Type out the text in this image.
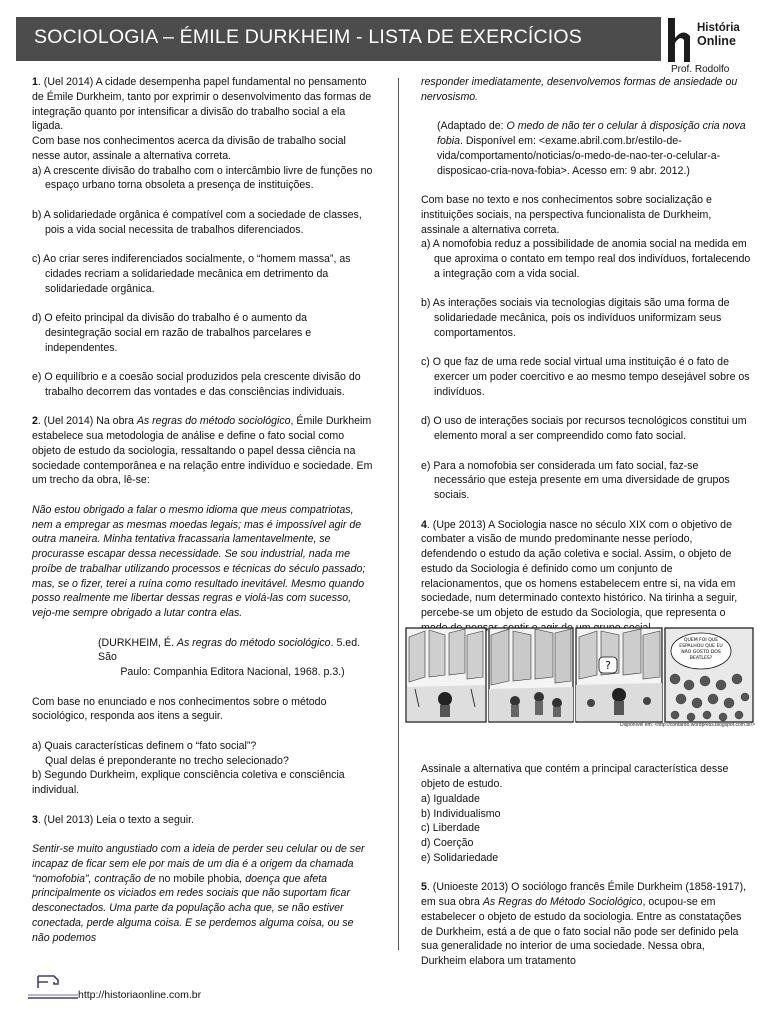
SOCIOLOGIA – ÉMILE DURKHEIM - LISTA DE EXERCÍCIOS	História
Online
Prof. Rodolfo

1. (Uel 2014) A cidade desempenha papel fundamental no pensamento de Émile Durkheim, tanto por exprimir o desenvolvimento das formas de integração quanto por intensificar a divisão do trabalho social a ela ligada.

Com base nos conhecimentos acerca da divisão de trabalho social nesse autor, assinale a alternativa correta.

a) A crescente divisão do trabalho com o intercâmbio livre de funções no espaço urbano torna obsoleta a presença de instituições.

b) A solidariedade orgânica é compatível com a sociedade de classes, pois a vida social necessita de trabalhos diferenciados.

c) Ao criar seres indiferenciados socialmente, o “homem massa”, as cidades recriam a solidariedade mecânica em detrimento da solidariedade orgânica.

d) O efeito principal da divisão do trabalho é o aumento da desintegração social em razão de trabalhos parcelares e independentes.

e) O equilíbrio e a coesão social produzidos pela crescente divisão do trabalho decorrem das vontades e das consciências individuais.

2. (Uel 2014) Na obra As regras do método sociológico, Émile Durkheim estabelece sua metodologia de análise e define o fato social como objeto de estudo da sociologia, ressaltando o papel dessa ciência na sociedade contemporânea e na relação entre indivíduo e sociedade. Em um trecho da obra, lê-se:

Não estou obrigado a falar o mesmo idioma que meus compatriotas, nem a empregar as mesmas moedas legais; mas é impossível agir de outra maneira. Minha tentativa fracassaria lamentavelmente, se procurasse escapar dessa necessidade. Se sou industrial, nada me proíbe de trabalhar utilizando processos e técnicas do século passado; mas, se o fizer, terei a ruína como resultado inevitável. Mesmo quando posso realmente me libertar dessas regras e violá-las com sucesso, vejo-me sempre obrigado a lutar contra elas.

(DURKHEIM, É. As regras do método sociológico. 5.ed. São

Paulo: Companhia Editora Nacional, 1968. p.3.)

Com base no enunciado e nos conhecimentos sobre o método sociológico, responda aos itens a seguir.

a) Quais características definem o “fato social”?

Qual delas é preponderante no trecho selecionado?

b) Segundo Durkheim, explique consciência coletiva e consciência individual.

3. (Uel 2013) Leia o texto a seguir.

Sentir-se muito angustiado com a ideia de perder seu celular ou de ser incapaz de ficar sem ele por mais de um dia é a origem da chamada “nomofobia”, contração de no mobile phobia, doença que afeta principalmente os viciados em redes sociais que não suportam ficar desconectados. Uma parte da população acha que, se não estiver conectada, perde alguma coisa. E se perdemos alguma coisa, ou se não podemos

responder imediatamente, desenvolvemos formas de ansiedade ou nervosismo.

(Adaptado de: O medo de não ter o celular à disposição cria nova fobia. Disponível em: <exame.abril.com.br/estilo-de-vida/comportamento/noticias/o-medo-de-nao-ter-o-celular-a-disposicao-cria-nova-fobia>. Acesso em: 9 abr. 2012.)

Com base no texto e nos conhecimentos sobre socialização e instituições sociais, na perspectiva funcionalista de Durkheim, assinale a alternativa correta.

a) A nomofobia reduz a possibilidade de anomia social na medida em que aproxima o contato em tempo real dos indivíduos, fortalecendo a integração com a vida social.

b) As interações sociais via tecnologias digitais são uma forma de solidariedade mecânica, pois os indivíduos uniformizam seus comportamentos.

c) O que faz de uma rede social virtual uma instituição é o fato de exercer um poder coercitivo e ao mesmo tempo desejável sobre os indivíduos.

d) O uso de interações sociais por recursos tecnológicos constitui um elemento moral a ser compreendido como fato social.

e) Para a nomofobia ser considerada um fato social, faz-se necessário que esteja presente em uma diversidade de grupos sociais.

4. (Upe 2013) A Sociologia nasce no século XIX com o objetivo de combater a visão de mundo predominante nesse período, defendendo o estudo da ação coletiva e social. Assim, o objeto de estudo da Sociologia é definido como um conjunto de relacionamentos, que os homens estabelecem entre si, na vida em sociedade, num determinado contexto histórico. Na tirinha a seguir, percebe-se um objeto de estudo da Sociologia, que representa o

Assinale a alternativa que contém a principal característica desse objeto de estudo.

a) Igualdade

b) Individualismo

c) Liberdade

d) Coerção

e) Solidariedade

5. (Unioeste 2013) O sociólogo francês Émile Durkheim (1858-1917), em sua obra As Regras do Método Sociológico, ocupou-se em estabelecer o objeto de estudo da sociologia. Entre as constatações de Durkheim, está a de que o fato social não pode ser definido pela sua generalidade no interior de uma sociedade. Nessa obra, Durkheim elabora um tratamento

?
QUEM FOI QUE
ESPALHOU QUE EU
NÃO GOSTO DOS
BEATLES?
Disponível em: <http://contardo.wordpress.blogspot.com.br/>
http://historiaonline.com.br
